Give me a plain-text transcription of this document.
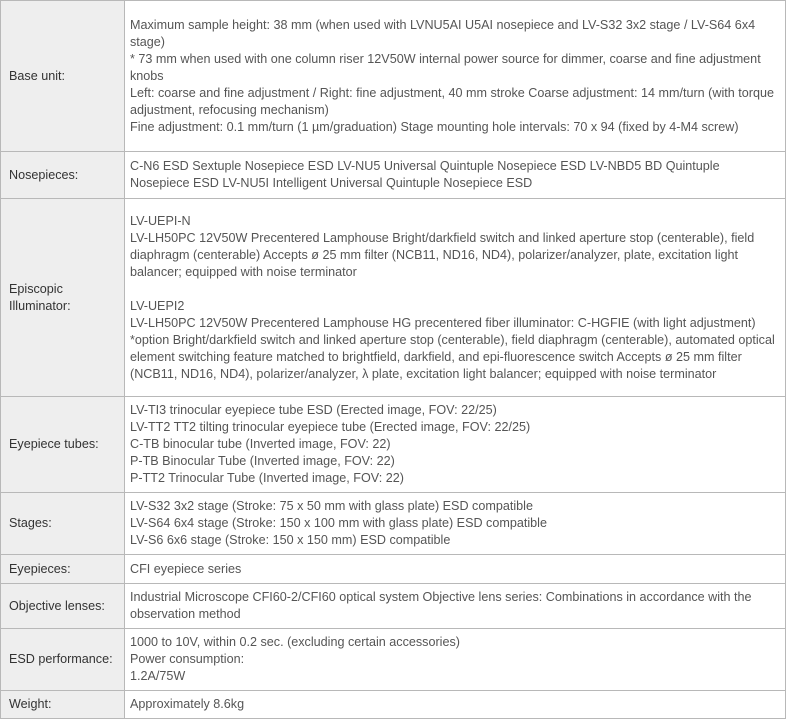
Base unit:	Maximum sample height: 38 mm (when used with LVNU5AI U5AI nosepiece and LV-S32 3x2 stage / LV-S64 6x4 stage)
* 73 mm when used with one column riser 12V50W internal power source for dimmer, coarse and fine adjustment knobs
Left: coarse and fine adjustment / Right: fine adjustment, 40 mm stroke Coarse adjustment: 14 mm/turn (with torque adjustment, refocusing mechanism)
Fine adjustment: 0.1 mm/turn (1 µm/graduation) Stage mounting hole intervals: 70 x 94 (fixed by 4-M4 screw)

Nosepieces:	C-N6 ESD Sextuple Nosepiece ESD LV-NU5 Universal Quintuple Nosepiece ESD LV-NBD5 BD Quintuple Nosepiece ESD LV-NU5I Intelligent Universal Quintuple Nosepiece ESD

Episcopic Illuminator:	LV-UEPI-N
LV-LH50PC 12V50W Precentered Lamphouse Bright/darkfield switch and linked aperture stop (centerable), field diaphragm (centerable) Accepts ø 25 mm filter (NCB11, ND16, ND4), polarizer/analyzer, plate, excitation light balancer; equipped with noise terminator
LV-UEPI2
LV-LH50PC 12V50W Precentered Lamphouse HG precentered fiber illuminator: C-HGFIE (with light adjustment) *option Bright/darkfield switch and linked aperture stop (centerable), field diaphragm (centerable), automated optical element switching feature matched to brightfield, darkfield, and epi-fluorescence switch Accepts ø 25 mm filter (NCB11, ND16, ND4), polarizer/analyzer, λ plate, excitation light balancer; equipped with noise terminator

Eyepiece tubes:	LV-TI3 trinocular eyepiece tube ESD (Erected image, FOV: 22/25)
LV-TT2 TT2 tilting trinocular eyepiece tube (Erected image, FOV: 22/25)
C-TB binocular tube (Inverted image, FOV: 22)
P-TB Binocular Tube (Inverted image, FOV: 22)
P-TT2 Trinocular Tube (Inverted image, FOV: 22)

Stages:	LV-S32 3x2 stage (Stroke: 75 x 50 mm with glass plate) ESD compatible
LV-S64 6x4 stage (Stroke: 150 x 100 mm with glass plate) ESD compatible
LV-S6 6x6 stage (Stroke: 150 x 150 mm) ESD compatible

Eyepieces:	CFI eyepiece series

Objective lenses:	Industrial Microscope CFI60-2/CFI60 optical system Objective lens series: Combinations in accordance with the observation method

ESD performance:	1000 to 10V, within 0.2 sec. (excluding certain accessories)
Power consumption:
1.2A/75W

Weight:	Approximately 8.6kg
